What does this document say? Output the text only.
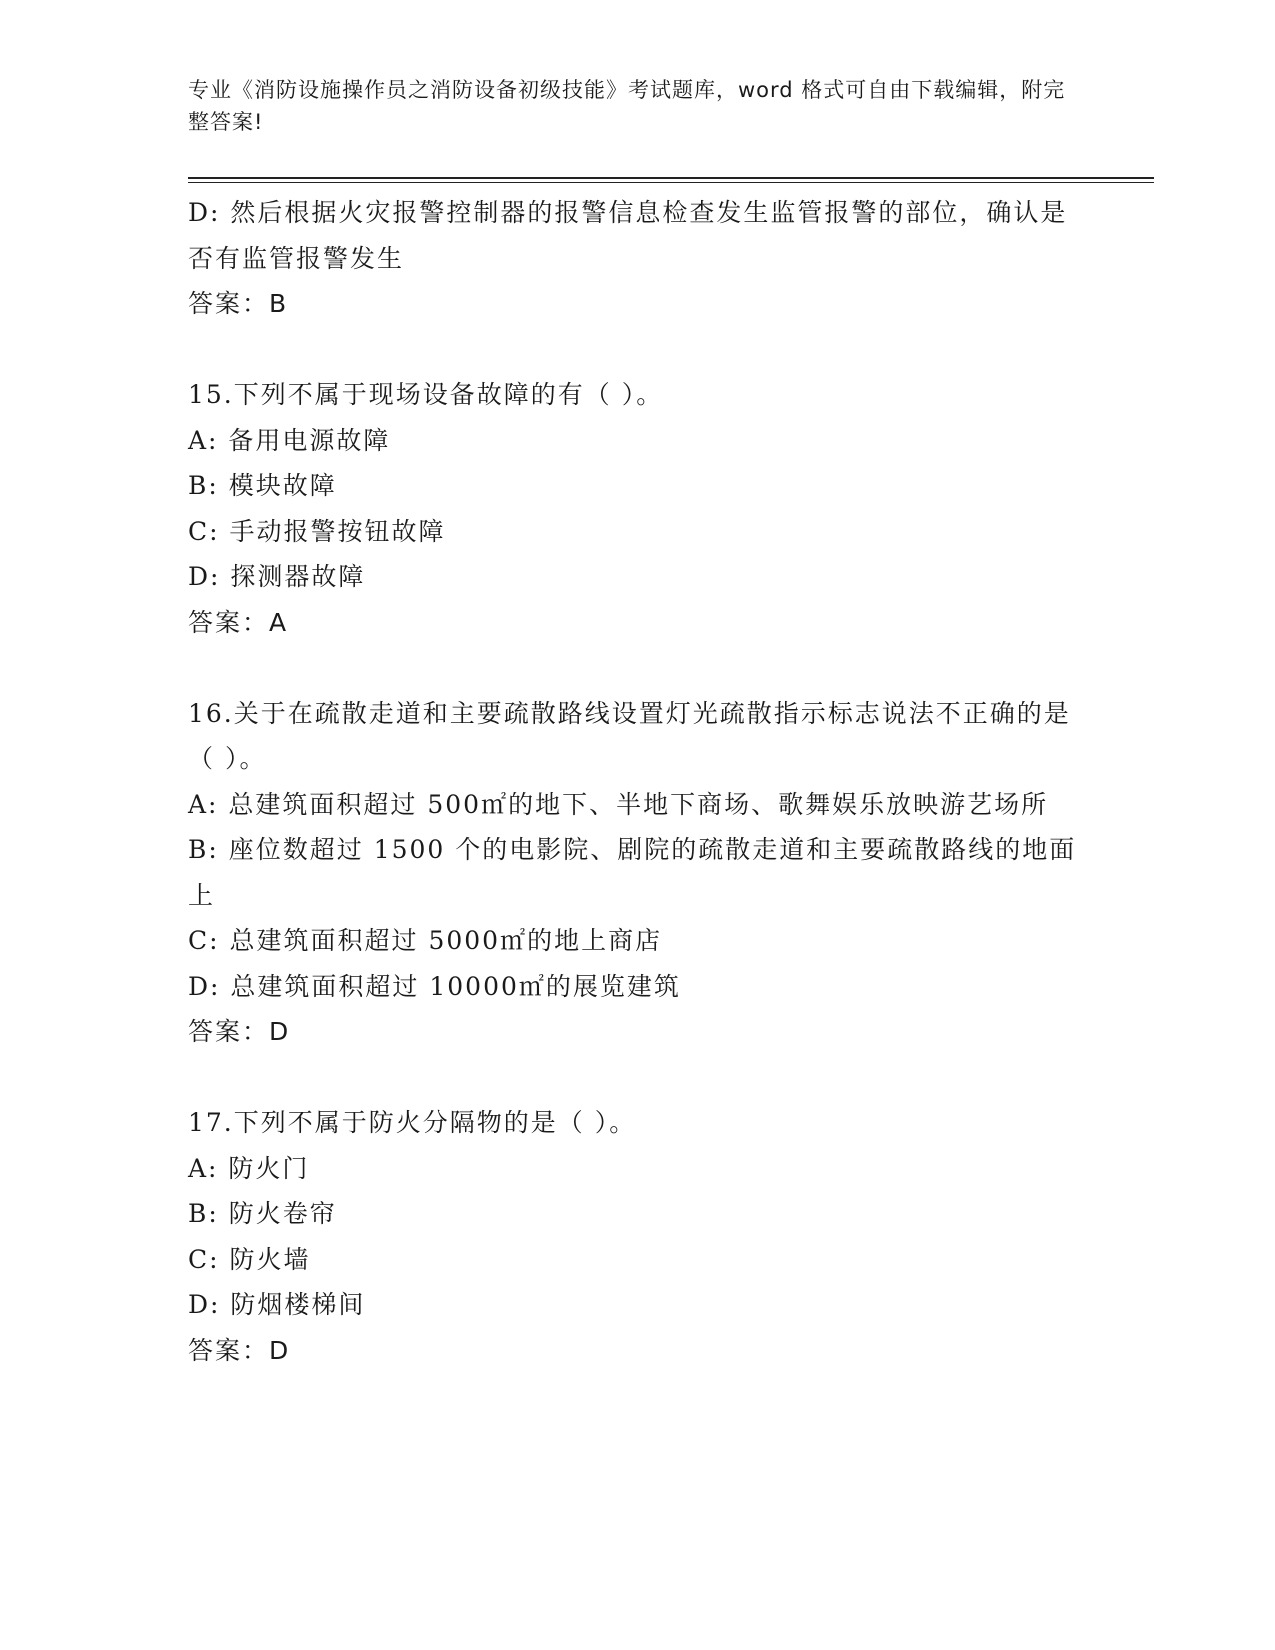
专业《消防设施操作员之消防设备初级技能》考试题库，word 格式可自由下载编辑，附完整答案!
D: 然后根据火灾报警控制器的报警信息检查发生监管报警的部位，确认是否有监管报警发生
答案：B
15.下列不属于现场设备故障的有（ ）。
A: 备用电源故障
B: 模块故障
C: 手动报警按钮故障
D: 探测器故障
答案：A
16.关于在疏散走道和主要疏散路线设置灯光疏散指示标志说法不正确的是（ ）。
A: 总建筑面积超过 500㎡的地下、半地下商场、歌舞娱乐放映游艺场所
B: 座位数超过 1500 个的电影院、剧院的疏散走道和主要疏散路线的地面上
C: 总建筑面积超过 5000㎡的地上商店
D: 总建筑面积超过 10000㎡的展览建筑
答案：D
17.下列不属于防火分隔物的是（ ）。
A: 防火门
B: 防火卷帘
C: 防火墙
D: 防烟楼梯间
答案：D
